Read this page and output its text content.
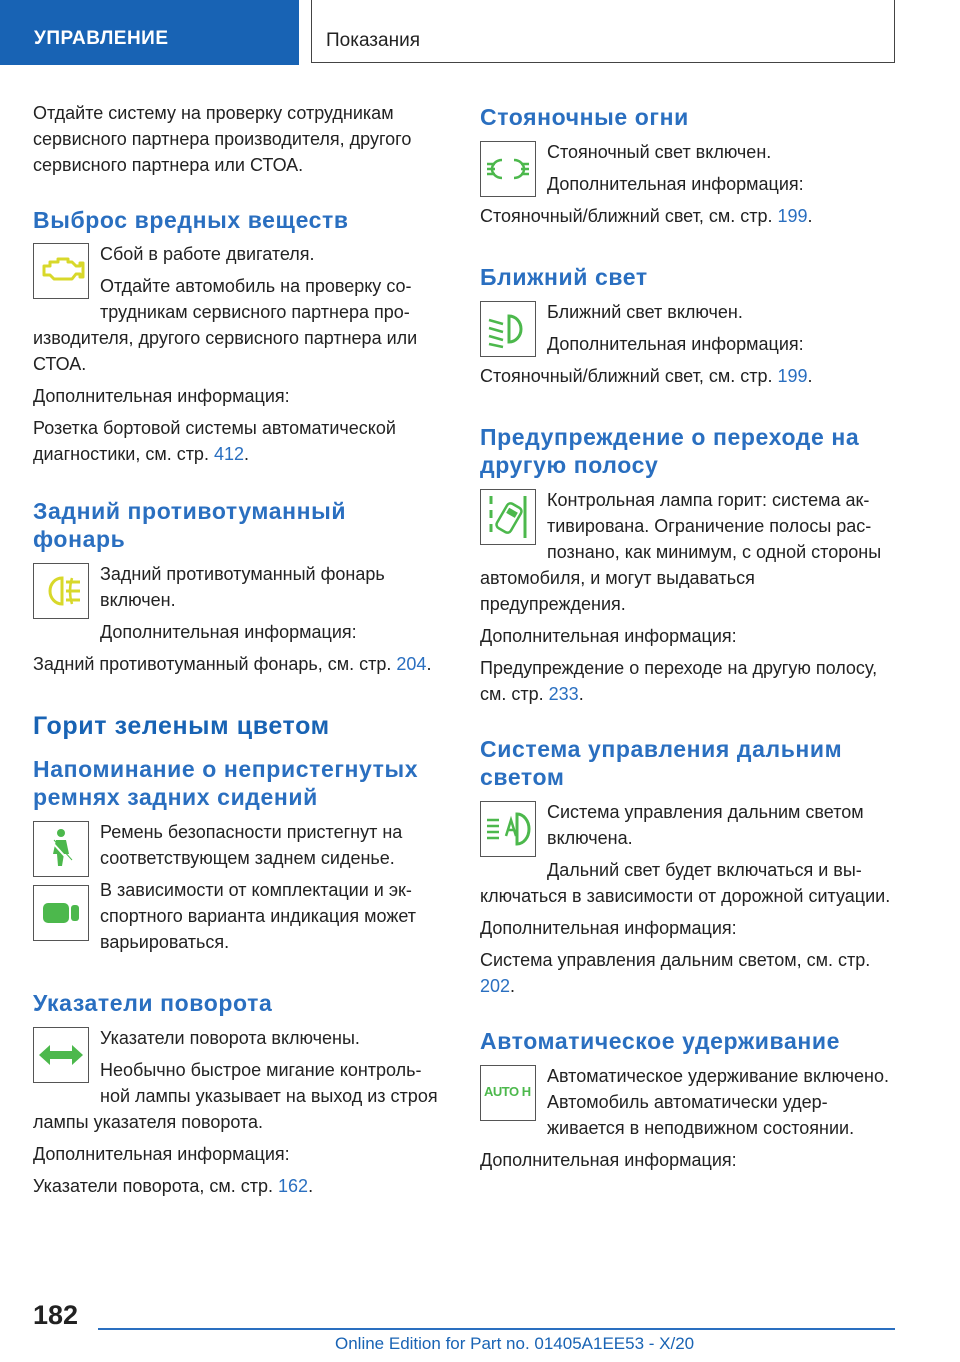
УПРАВЛЕНИЕ	Показания

Отдайте систему на проверку сотрудникам сервисного партнера производителя, другого сервисного партнера или СТОА.

Выброс вредных веществ

Сбой в работе двигателя.

Отдайте автомобиль на проверку сотрудникам сервисного партнера производителя, другого сервисного партнера или СТОА.

Дополнительная информация:

Розетка бортовой системы автоматической диагностики, см. стр. 412.

Задний противотуманный фонарь

Задний противотуманный фонарь включен.

Дополнительная информация:

Задний противотуманный фонарь, см. стр. 204.

Горит зеленым цветом
Напоминание о непристегнутых ремнях задних сидений

Ремень безопасности пристегнут на соответствующем заднем сиденье.

В зависимости от комплектации и экспортного варианта индикация может варьироваться.

Указатели поворота

Указатели поворота включены.

Необычно быстрое мигание контрольной лампы указывает на выход из строя лампы указателя поворота.

Дополнительная информация:

Указатели поворота, см. стр. 162.

Стояночные огни

Стояночный свет включен.

Дополнительная информация:

Стояночный/ближний свет, см. стр. 199.

Ближний свет

Ближний свет включен.

Дополнительная информация:

Стояночный/ближний свет, см. стр. 199.

Предупреждение о переходе на другую полосу

Контрольная лампа горит: система активирована. Ограничение полосы распознано, как минимум, с одной стороны автомобиля, и могут выдаваться предупреждения.

Дополнительная информация:

Предупреждение о переходе на другую полосу, см. стр. 233.

Система управления дальним светом

Система управления дальним светом включена.

Дальний свет будет включаться и выключаться в зависимости от дорожной ситуации.

Дополнительная информация:

Система управления дальним светом, см. стр. 202.

Автоматическое удерживание
AUTO H

Автоматическое удерживание включено. Автомобиль автоматически удерживается в неподвижном состоянии.

Дополнительная информация:

182
Online Edition for Part no. 01405A1EE53 - X/20
